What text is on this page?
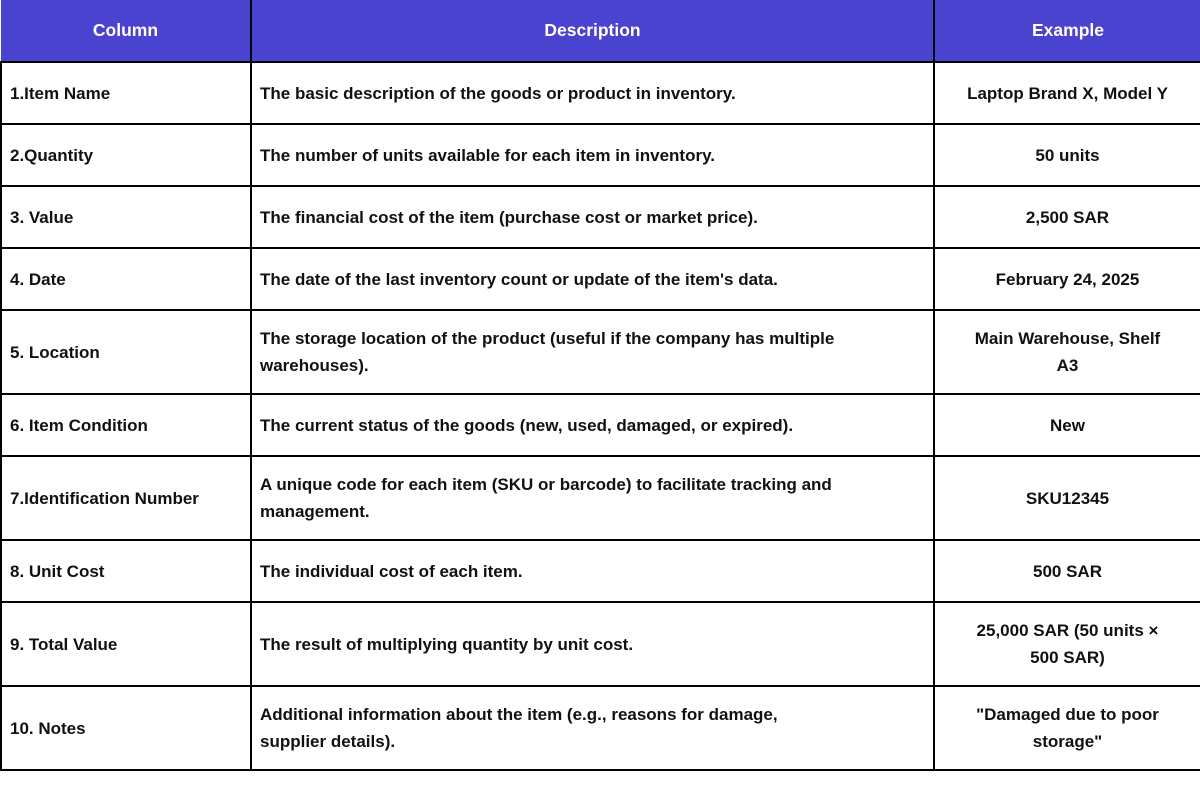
Column	Description	Example
1.Item Name	The basic description of the goods or product in inventory.	Laptop Brand X, Model Y

2.Quantity	The number of units available for each item in inventory.	50 units

3. Value	The financial cost of the item (purchase cost or market price).	2,500 SAR

4. Date	The date of the last inventory count or update of the item's data.	February 24, 2025

5. Location	The storage location of the product (useful if the company has multiple warehouses).	Main Warehouse, Shelf A3

6. Item Condition	The current status of the goods (new, used, damaged, or expired).	New

7.Identification Number	A unique code for each item (SKU or barcode) to facilitate tracking and management.	SKU12345

8. Unit Cost	The individual cost of each item.	500 SAR

9. Total Value	The result of multiplying quantity by unit cost.	25,000 SAR (50 units × 500 SAR)

10. Notes	Additional information about the item (e.g., reasons for damage, supplier details).	"Damaged due to poor storage"
